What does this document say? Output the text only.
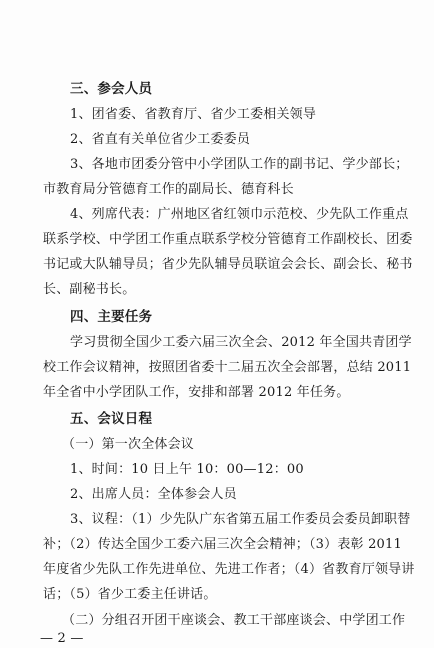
三、参会人员
1、团省委、省教育厅、省少工委相关领导
2、省直有关单位省少工委委员
3、各地市团委分管中小学团队工作的副书记、学少部长；
市教育局分管德育工作的副局长、德育科长
4、列席代表：广州地区省红领巾示范校、少先队工作重点
联系学校、中学团工作重点联系学校分管德育工作副校长、团委
书记或大队辅导员；省少先队辅导员联谊会会长、副会长、秘书
长、副秘书长。
四、主要任务
学习贯彻全国少工委六届三次全会、2012 年全国共青团学
校工作会议精神，按照团省委十二届五次全会部署，总结 2011
年全省中小学团队工作，安排和部署 2012 年任务。
五、会议日程
（一）第一次全体会议
1、时间：10 日上午 10：00—12：00
2、出席人员：全体参会人员
3、议程：（1）少先队广东省第五届工作委员会委员卸职替
补；（2）传达全国少工委六届三次全会精神；（3）表彰 2011
年度省少先队工作先进单位、先进工作者；（4）省教育厅领导讲
话；（5）省少工委主任讲话。
（二）分组召开团干座谈会、教工干部座谈会、中学团工作
— 2 —
